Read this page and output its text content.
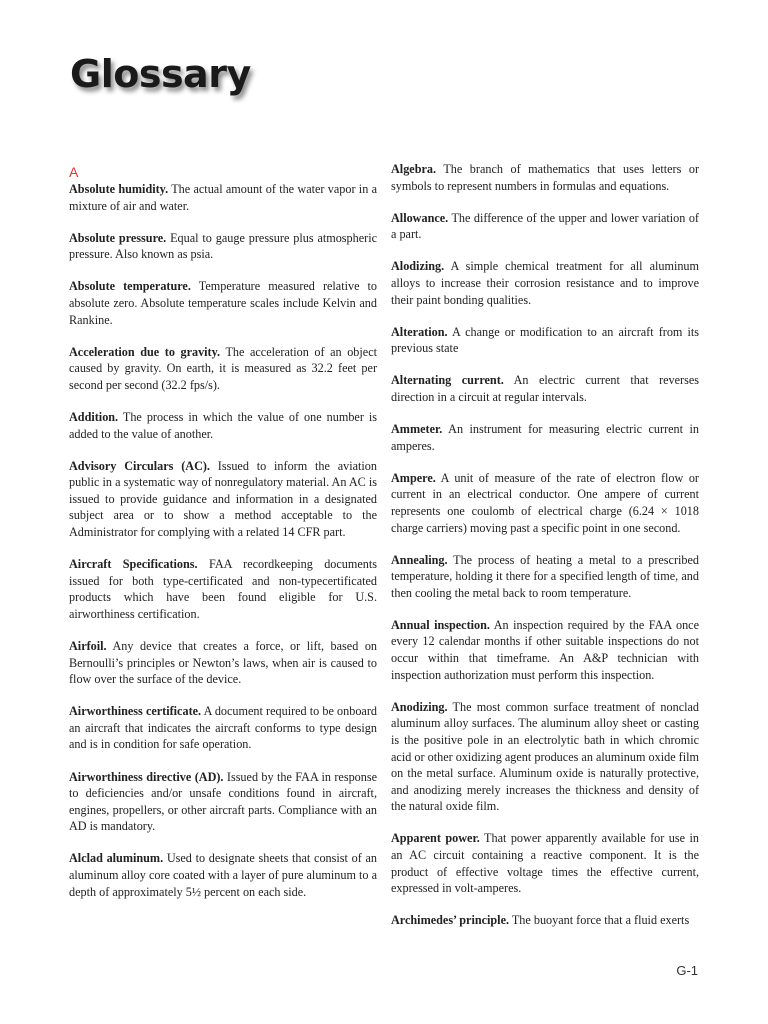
Glossary
A

Absolute humidity. The actual amount of the water vapor in a mixture of air and water.

Absolute pressure. Equal to gauge pressure plus atmospheric pressure. Also known as psia.

Absolute temperature. Temperature measured relative to absolute zero. Absolute temperature scales include Kelvin and Rankine.

Acceleration due to gravity. The acceleration of an object caused by gravity. On earth, it is measured as 32.2 feet per second per second (32.2 fps/s).

Addition. The process in which the value of one number is added to the value of another.

Advisory Circulars (AC). Issued to inform the aviation public in a systematic way of nonregulatory material. An AC is issued to provide guidance and information in a designated subject area or to show a method acceptable to the Administrator for complying with a related 14 CFR part.

Aircraft Specifications. FAA recordkeeping documents issued for both type-certificated and non-typecertificated products which have been found eligible for U.S. airworthiness certification.

Airfoil. Any device that creates a force, or lift, based on Bernoulli’s principles or Newton’s laws, when air is caused to flow over the surface of the device.

Airworthiness certificate. A document required to be onboard an aircraft that indicates the aircraft conforms to type design and is in condition for safe operation.

Airworthiness directive (AD). Issued by the FAA in response to deficiencies and/or unsafe conditions found in aircraft, engines, propellers, or other aircraft parts. Compliance with an AD is mandatory.

Alclad aluminum. Used to designate sheets that consist of an aluminum alloy core coated with a layer of pure aluminum to a depth of approximately 5½ percent on each side.

Algebra. The branch of mathematics that uses letters or symbols to represent numbers in formulas and equations.

Allowance. The difference of the upper and lower variation of a part.

Alodizing. A simple chemical treatment for all aluminum alloys to increase their corrosion resistance and to improve their paint bonding qualities.

Alteration. A change or modification to an aircraft from its previous state

Alternating current. An electric current that reverses direction in a circuit at regular intervals.

Ammeter. An instrument for measuring electric current in amperes.

Ampere. A unit of measure of the rate of electron flow or current in an electrical conductor. One ampere of current represents one coulomb of electrical charge (6.24 × 1018 charge carriers) moving past a specific point in one second.

Annealing. The process of heating a metal to a prescribed temperature, holding it there for a specified length of time, and then cooling the metal back to room temperature.

Annual inspection. An inspection required by the FAA once every 12 calendar months if other suitable inspections do not occur within that timeframe. An A&P technician with inspection authorization must perform this inspection.

Anodizing. The most common surface treatment of nonclad aluminum alloy surfaces. The aluminum alloy sheet or casting is the positive pole in an electrolytic bath in which chromic acid or other oxidizing agent produces an aluminum oxide film on the metal surface. Aluminum oxide is naturally protective, and anodizing merely increases the thickness and density of the natural oxide film.

Apparent power. That power apparently available for use in an AC circuit containing a reactive component. It is the product of effective voltage times the effective current, expressed in volt-amperes.

Archimedes’ principle. The buoyant force that a fluid exerts

G-1
